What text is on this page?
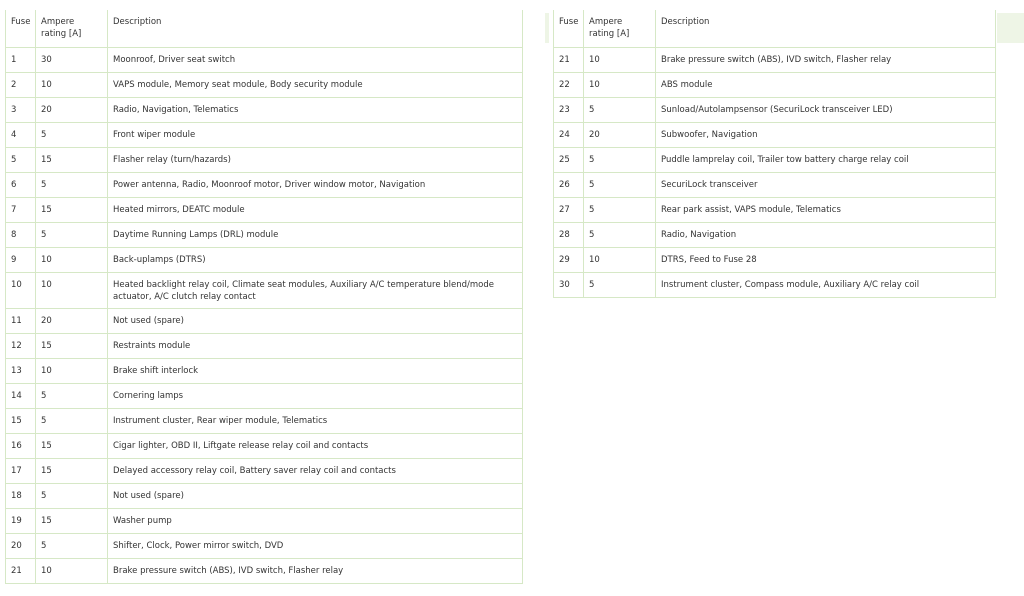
Fuse	Ampere rating [A]	Description
1	30	Moonroof, Driver seat switch
2	10	VAPS module, Memory seat module, Body security module
3	20	Radio, Navigation, Telematics
4	5	Front wiper module
5	15	Flasher relay (turn/hazards)
6	5	Power antenna, Radio, Moonroof motor, Driver window motor, Navigation
7	15	Heated mirrors, DEATC module
8	5	Daytime Running Lamps (DRL) module
9	10	Back-uplamps (DTRS)
10	10	Heated backlight relay coil, Climate seat modules, Auxiliary A/C temperature blend/mode actuator, A/C clutch relay contact
11	20	Not used (spare)
12	15	Restraints module
13	10	Brake shift interlock
14	5	Cornering lamps
15	5	Instrument cluster, Rear wiper module, Telematics
16	15	Cigar lighter, OBD II, Liftgate release relay coil and contacts
17	15	Delayed accessory relay coil, Battery saver relay coil and contacts
18	5	Not used (spare)
19	15	Washer pump
20	5	Shifter, Clock, Power mirror switch, DVD
21	10	Brake pressure switch (ABS), IVD switch, Flasher relay
Fuse	Ampere rating [A]	Description
21	10	Brake pressure switch (ABS), IVD switch, Flasher relay
22	10	ABS module
23	5	Sunload/Autolampsensor (SecuriLock transceiver LED)
24	20	Subwoofer, Navigation
25	5	Puddle lamprelay coil, Trailer tow battery charge relay coil
26	5	SecuriLock transceiver
27	5	Rear park assist, VAPS module, Telematics
28	5	Radio, Navigation
29	10	DTRS, Feed to Fuse 28
30	5	Instrument cluster, Compass module, Auxiliary A/C relay coil
